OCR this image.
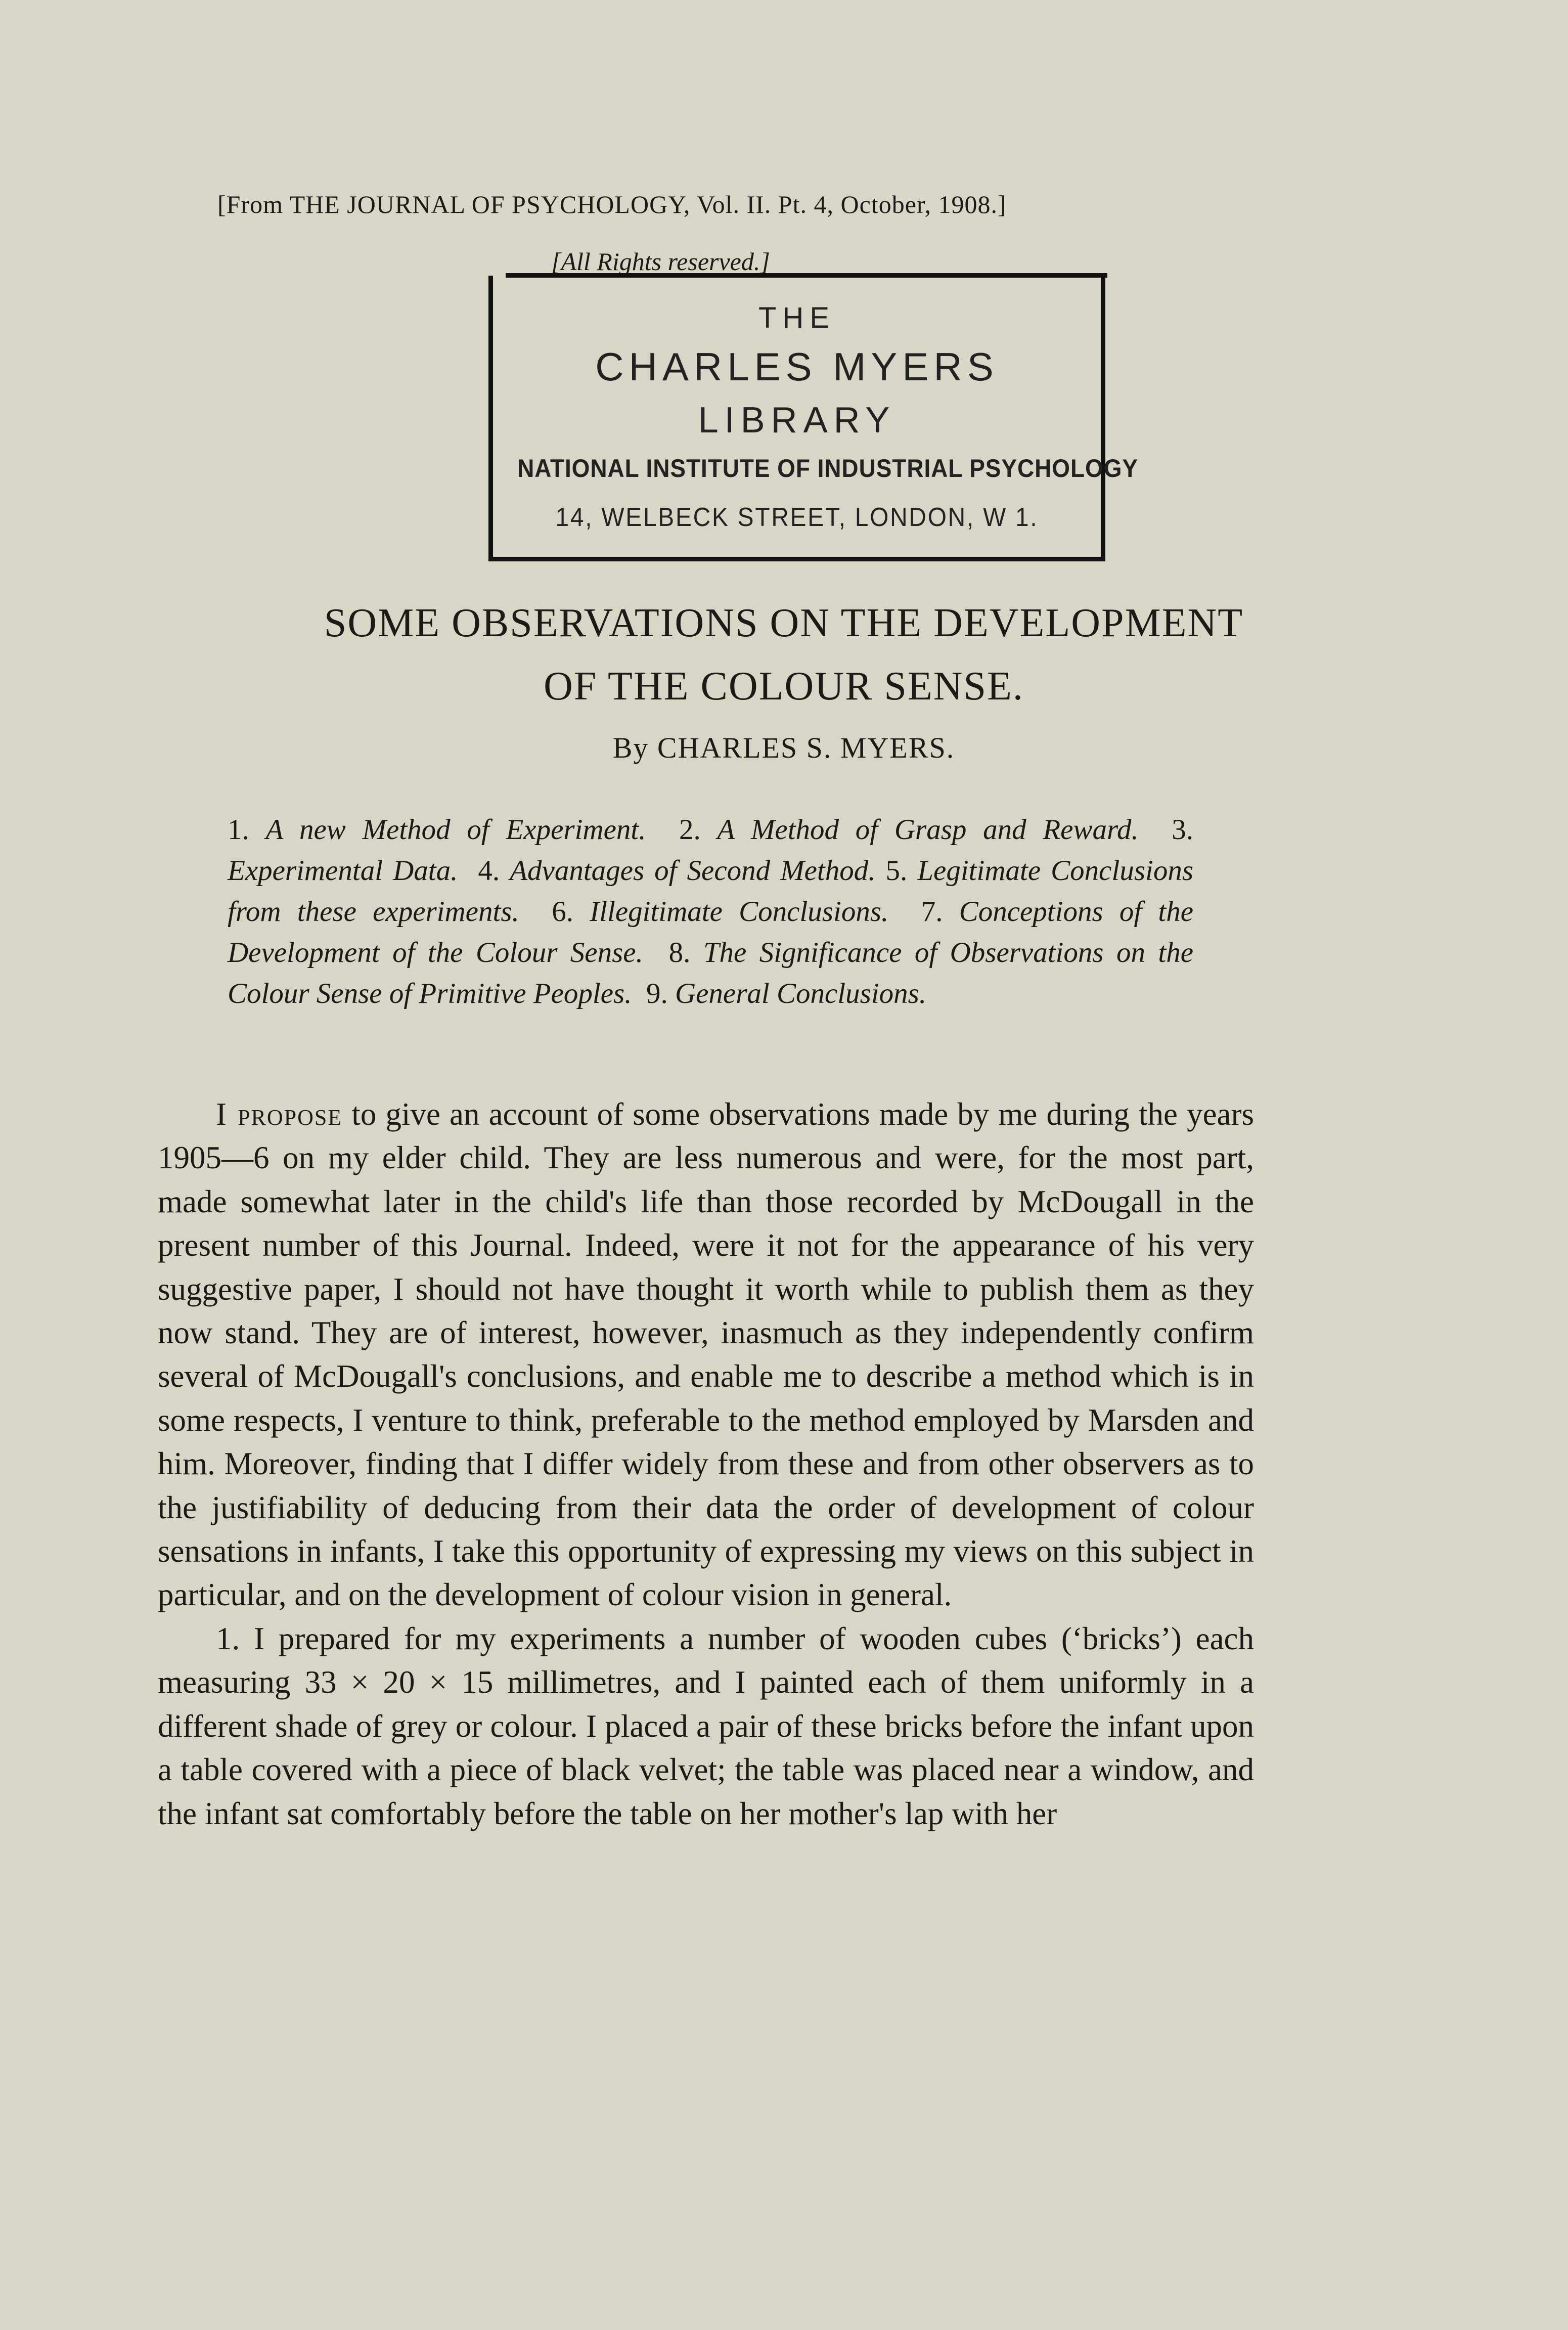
[From THE JOURNAL OF PSYCHOLOGY, Vol. II. Pt. 4, October, 1908.]
[All Rights reserved.]
THE
CHARLES MYERS
LIBRARY
NATIONAL INSTITUTE OF INDUSTRIAL PSYCHOLOGY
14, WELBECK STREET, LONDON, W 1.
SOME OBSERVATIONS ON THE DEVELOPMENT
OF THE COLOUR SENSE.
By CHARLES S. MYERS.
1. A new Method of Experiment. 2. A Method of Grasp and Reward. 3. Experimental Data. 4. Advantages of Second Method. 5. Legitimate Conclusions from these experiments. 6. Illegitimate Conclusions. 7. Conceptions of the Development of the Colour Sense. 8. The Significance of Observations on the Colour Sense of Primitive Peoples. 9. General Conclusions.

I propose to give an account of some observations made by me during the years 1905—6 on my elder child. They are less numerous and were, for the most part, made somewhat later in the child's life than those recorded by McDougall in the present number of this Journal. Indeed, were it not for the appearance of his very suggestive paper, I should not have thought it worth while to publish them as they now stand. They are of interest, however, inasmuch as they independently confirm several of McDougall's conclusions, and enable me to describe a method which is in some respects, I venture to think, preferable to the method employed by Marsden and him. Moreover, finding that I differ widely from these and from other observers as to the justifiability of deducing from their data the order of development of colour sensations in infants, I take this opportunity of expressing my views on this subject in particular, and on the development of colour vision in general.

1. I prepared for my experiments a number of wooden cubes (‘bricks’) each measuring 33 × 20 × 15 millimetres, and I painted each of them uniformly in a different shade of grey or colour. I placed a pair of these bricks before the infant upon a table covered with a piece of black velvet; the table was placed near a window, and the infant sat comfortably before the table on her mother's lap with her
